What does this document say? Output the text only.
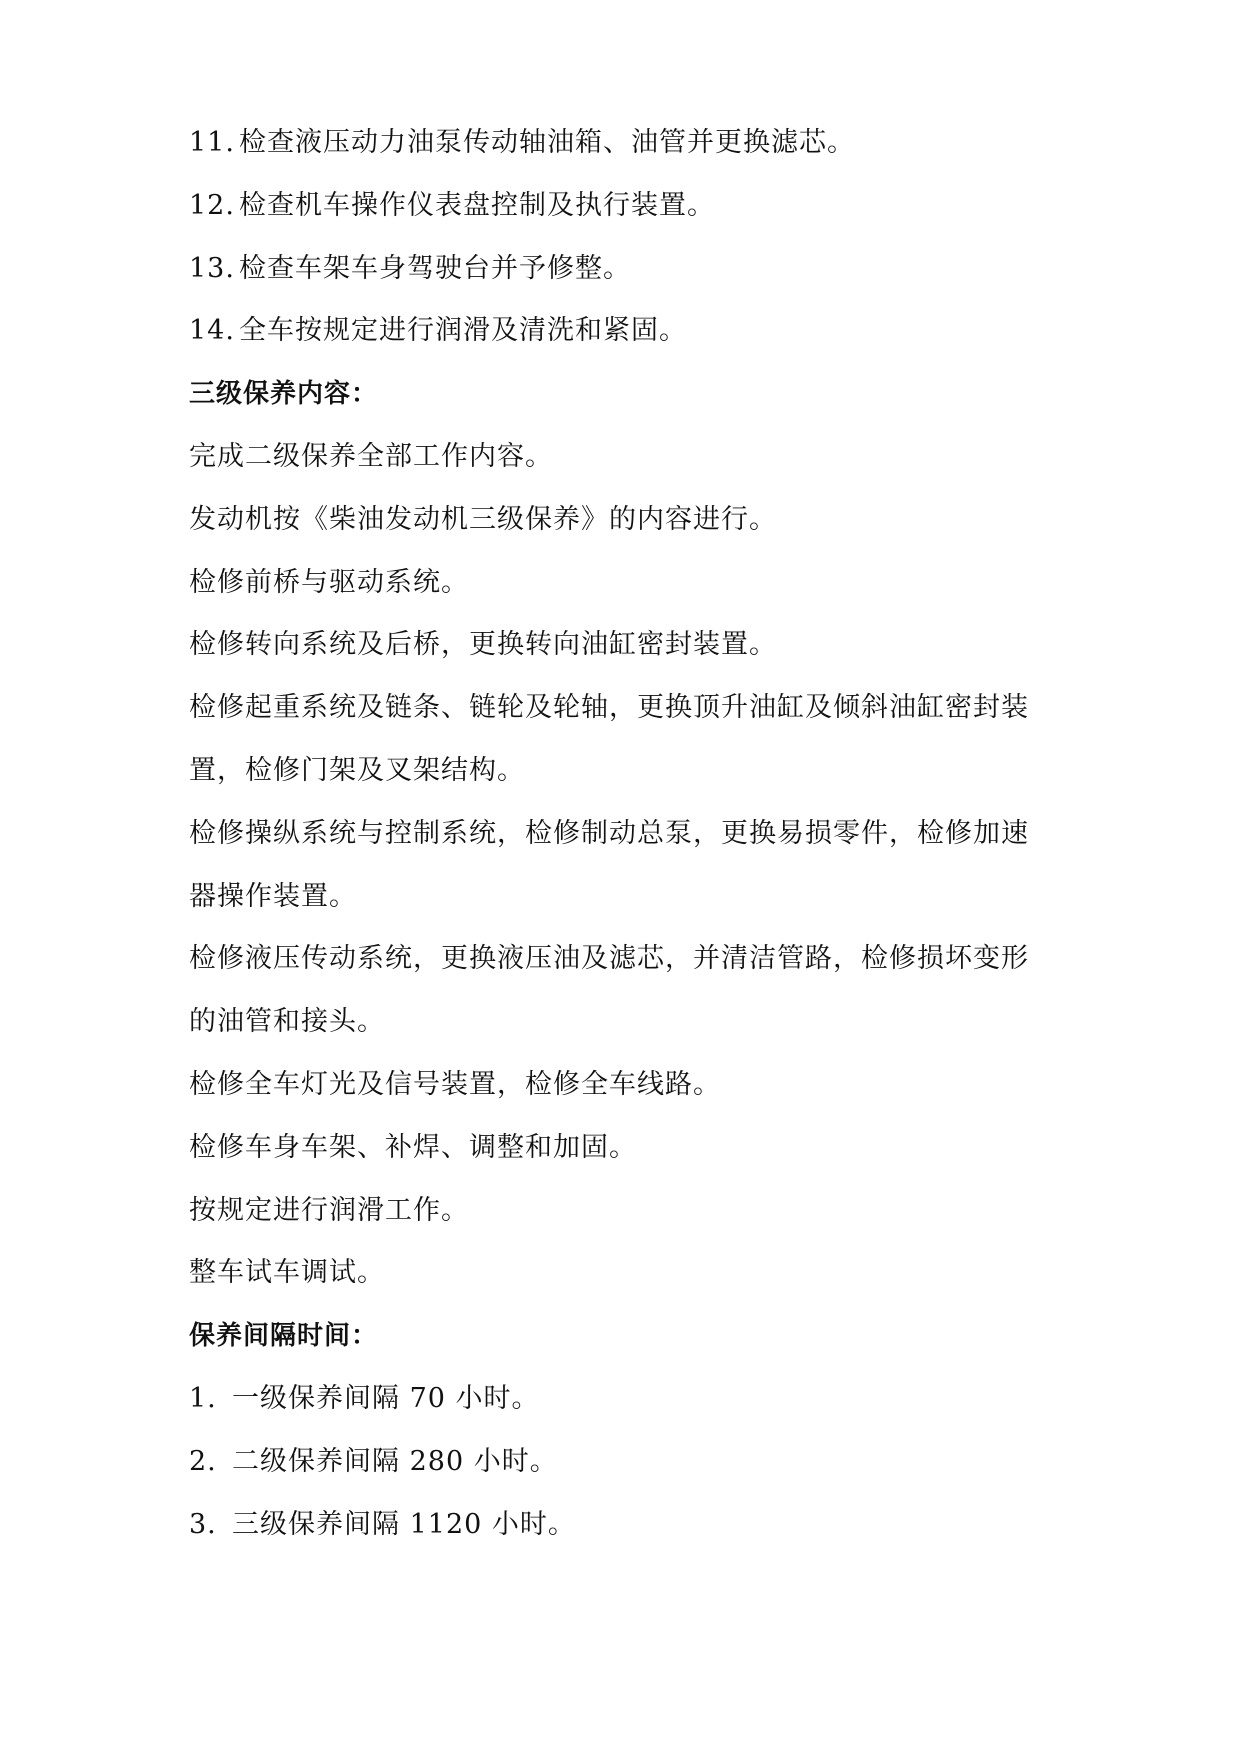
11. 检查液压动力油泵传动轴油箱、油管并更换滤芯。
12. 检查机车操作仪表盘控制及执行装置。
13. 检查车架车身驾驶台并予修整。
14. 全车按规定进行润滑及清洗和紧固。
三级保养内容：
完成二级保养全部工作内容。
发动机按《柴油发动机三级保养》的内容进行。
检修前桥与驱动系统。
检修转向系统及后桥，更换转向油缸密封装置。
检修起重系统及链条、链轮及轮轴，更换顶升油缸及倾斜油缸密封装
置，检修门架及叉架结构。
检修操纵系统与控制系统，检修制动总泵，更换易损零件，检修加速
器操作装置。
检修液压传动系统，更换液压油及滤芯，并清洁管路，检修损坏变形
的油管和接头。
检修全车灯光及信号装置，检修全车线路。
检修车身车架、补焊、调整和加固。
按规定进行润滑工作。
整车试车调试。
保养间隔时间：
1. 一级保养间隔 70 小时。
2. 二级保养间隔 280 小时。
3. 三级保养间隔 1120 小时。
